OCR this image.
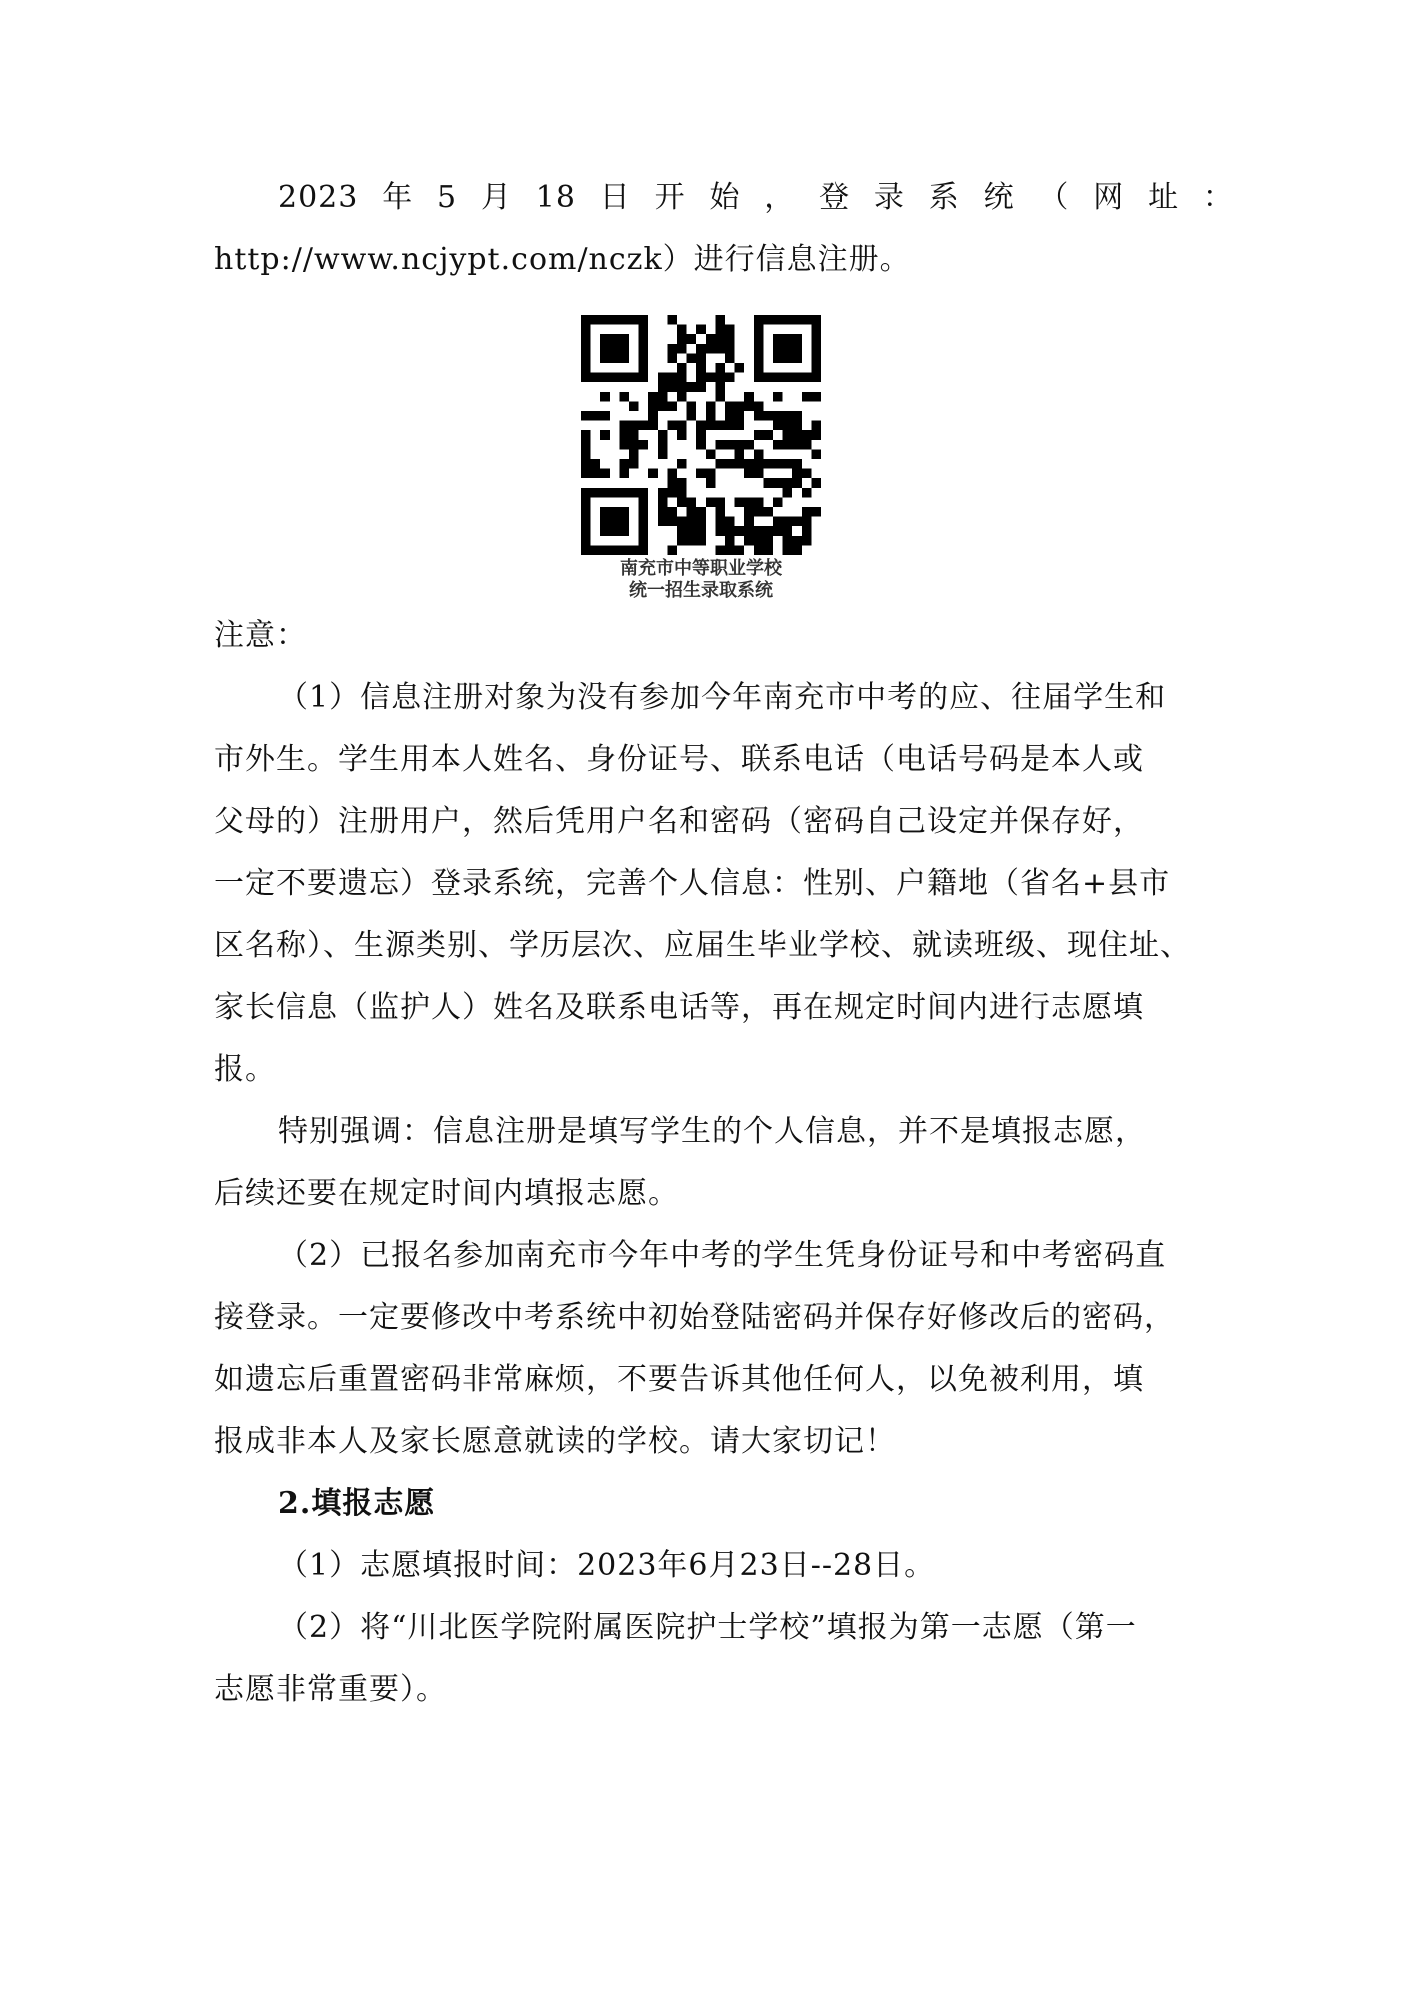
2023 年 5 月 18 日 开 始 ， 登 录 系 统 （ 网 址 ：
http://www.ncjypt.com/nczk）进行信息注册。
南充市中等职业学校
统一招生录取系统
注意：
（1）信息注册对象为没有参加今年南充市中考的应、往届学生和
市外生。学生用本人姓名、身份证号、联系电话（电话号码是本人或
父母的）注册用户，然后凭用户名和密码（密码自己设定并保存好，
一定不要遗忘）登录系统，完善个人信息：性别、户籍地（省名+县市
区名称）、生源类别、学历层次、应届生毕业学校、就读班级、现住址、
家长信息（监护人）姓名及联系电话等，再在规定时间内进行志愿填
报。
特别强调：信息注册是填写学生的个人信息，并不是填报志愿，
后续还要在规定时间内填报志愿。
（2）已报名参加南充市今年中考的学生凭身份证号和中考密码直
接登录。一定要修改中考系统中初始登陆密码并保存好修改后的密码，
如遗忘后重置密码非常麻烦，不要告诉其他任何人，以免被利用，填
报成非本人及家长愿意就读的学校。请大家切记！
2.填报志愿
（1）志愿填报时间：2023年6月23日--28日。
（2）将“川北医学院附属医院护士学校”填报为第一志愿（第一
志愿非常重要）。
